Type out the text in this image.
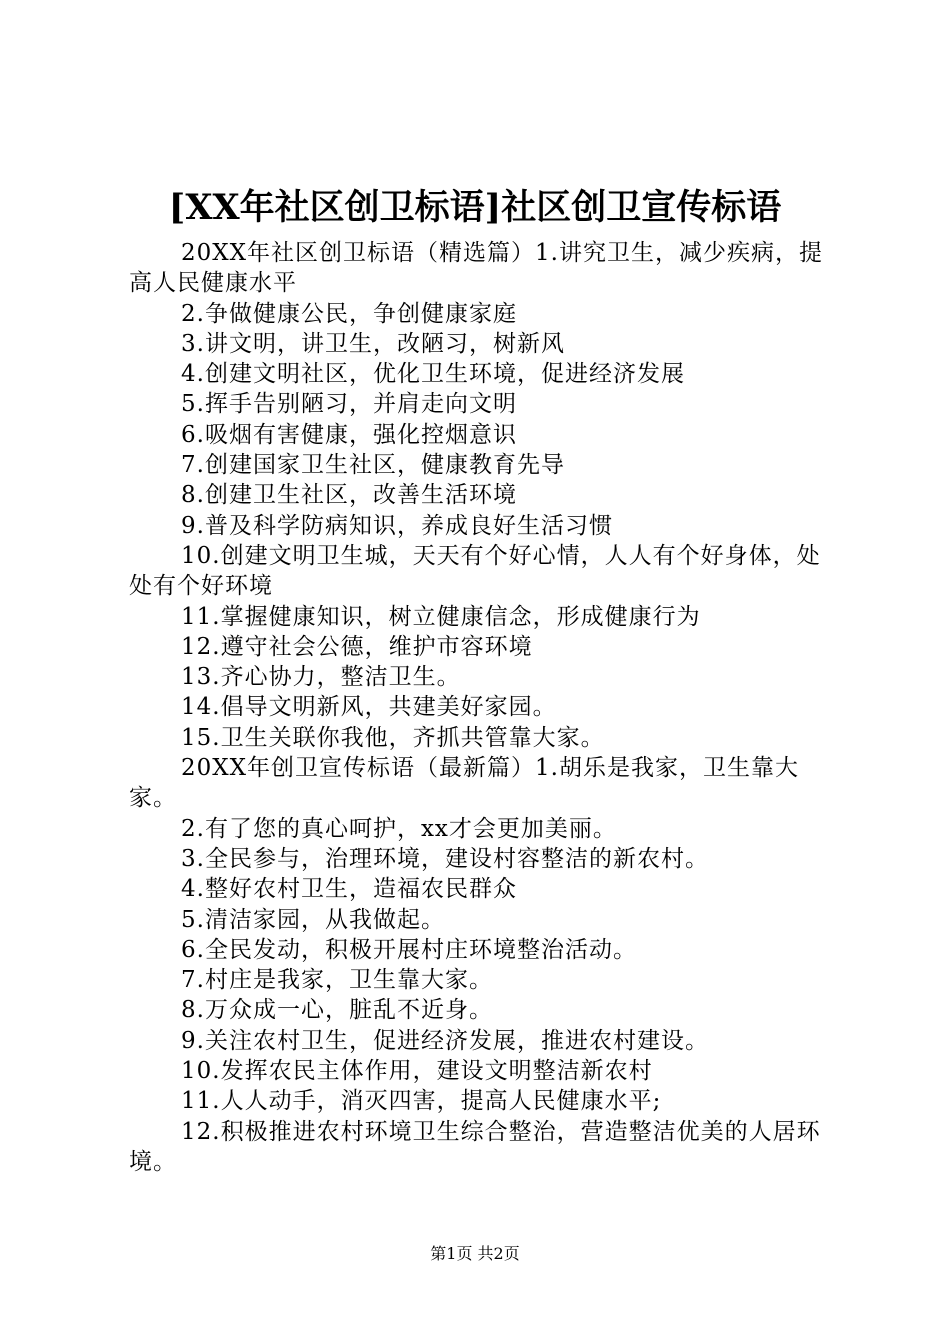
[XX年社区创卫标语]社区创卫宣传标语

20XX年社区创卫标语（精选篇）1.讲究卫生，减少疾病，提高人民健康水平

2.争做健康公民，争创健康家庭

3.讲文明，讲卫生，改陋习，树新风

4.创建文明社区，优化卫生环境，促进经济发展

5.挥手告别陋习，并肩走向文明

6.吸烟有害健康，强化控烟意识

7.创建国家卫生社区，健康教育先导

8.创建卫生社区，改善生活环境

9.普及科学防病知识，养成良好生活习惯

10.创建文明卫生城，天天有个好心情，人人有个好身体，处处有个好环境

11.掌握健康知识，树立健康信念，形成健康行为

12.遵守社会公德，维护市容环境

13.齐心协力，整洁卫生。

14.倡导文明新风，共建美好家园。

15.卫生关联你我他，齐抓共管靠大家。

20XX年创卫宣传标语（最新篇）1.胡乐是我家，卫生靠大家。

2.有了您的真心呵护，xx才会更加美丽。

3.全民参与，治理环境，建设村容整洁的新农村。

4.整好农村卫生，造福农民群众

5.清洁家园，从我做起。

6.全民发动，积极开展村庄环境整治活动。

7.村庄是我家，卫生靠大家。

8.万众成一心，脏乱不近身。

9.关注农村卫生，促进经济发展，推进农村建设。

10.发挥农民主体作用，建设文明整洁新农村

11.人人动手，消灭四害，提高人民健康水平;

12.积极推进农村环境卫生综合整治，营造整洁优美的人居环境。

第1页 共2页
